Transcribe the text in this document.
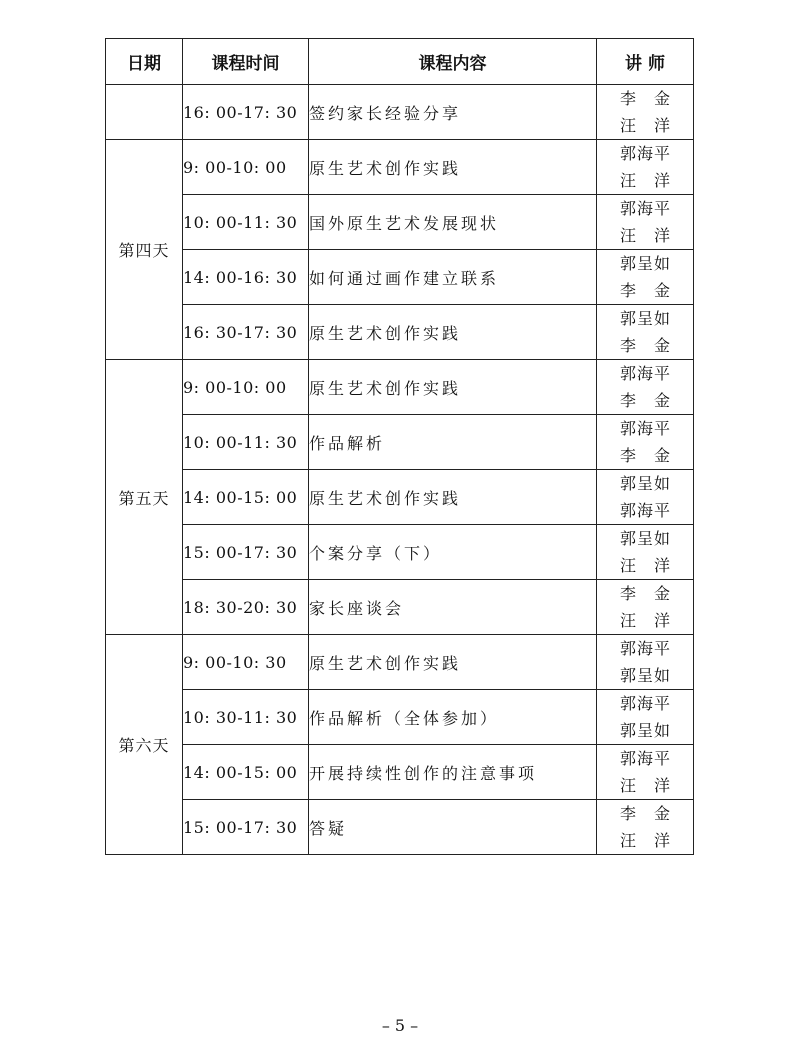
日期	课程时间	课程内容	讲 师
	16: 00-17: 30	签约家长经验分享	李 金
汪 洋

第四天	9: 00-10: 00	原生艺术创作实践	郭海平
汪 洋

	10: 00-11: 30	国外原生艺术发展现状	郭海平
汪 洋

	14: 00-16: 30	如何通过画作建立联系	郭呈如
李 金

	16: 30-17: 30	原生艺术创作实践	郭呈如
李 金

第五天	9: 00-10: 00	原生艺术创作实践	郭海平
李 金

	10: 00-11: 30	作品解析	郭海平
李 金

	14: 00-15: 00	原生艺术创作实践	郭呈如
郭海平

	15: 00-17: 30	个案分享（下）	郭呈如
汪 洋

	18: 30-20: 30	家长座谈会	李 金
汪 洋

第六天	9: 00-10: 30	原生艺术创作实践	郭海平
郭呈如

	10: 30-11: 30	作品解析（全体参加）	郭海平
郭呈如

	14: 00-15: 00	开展持续性创作的注意事项	郭海平
汪 洋

	15: 00-17: 30	答疑	李 金
汪 洋
– 5 –
